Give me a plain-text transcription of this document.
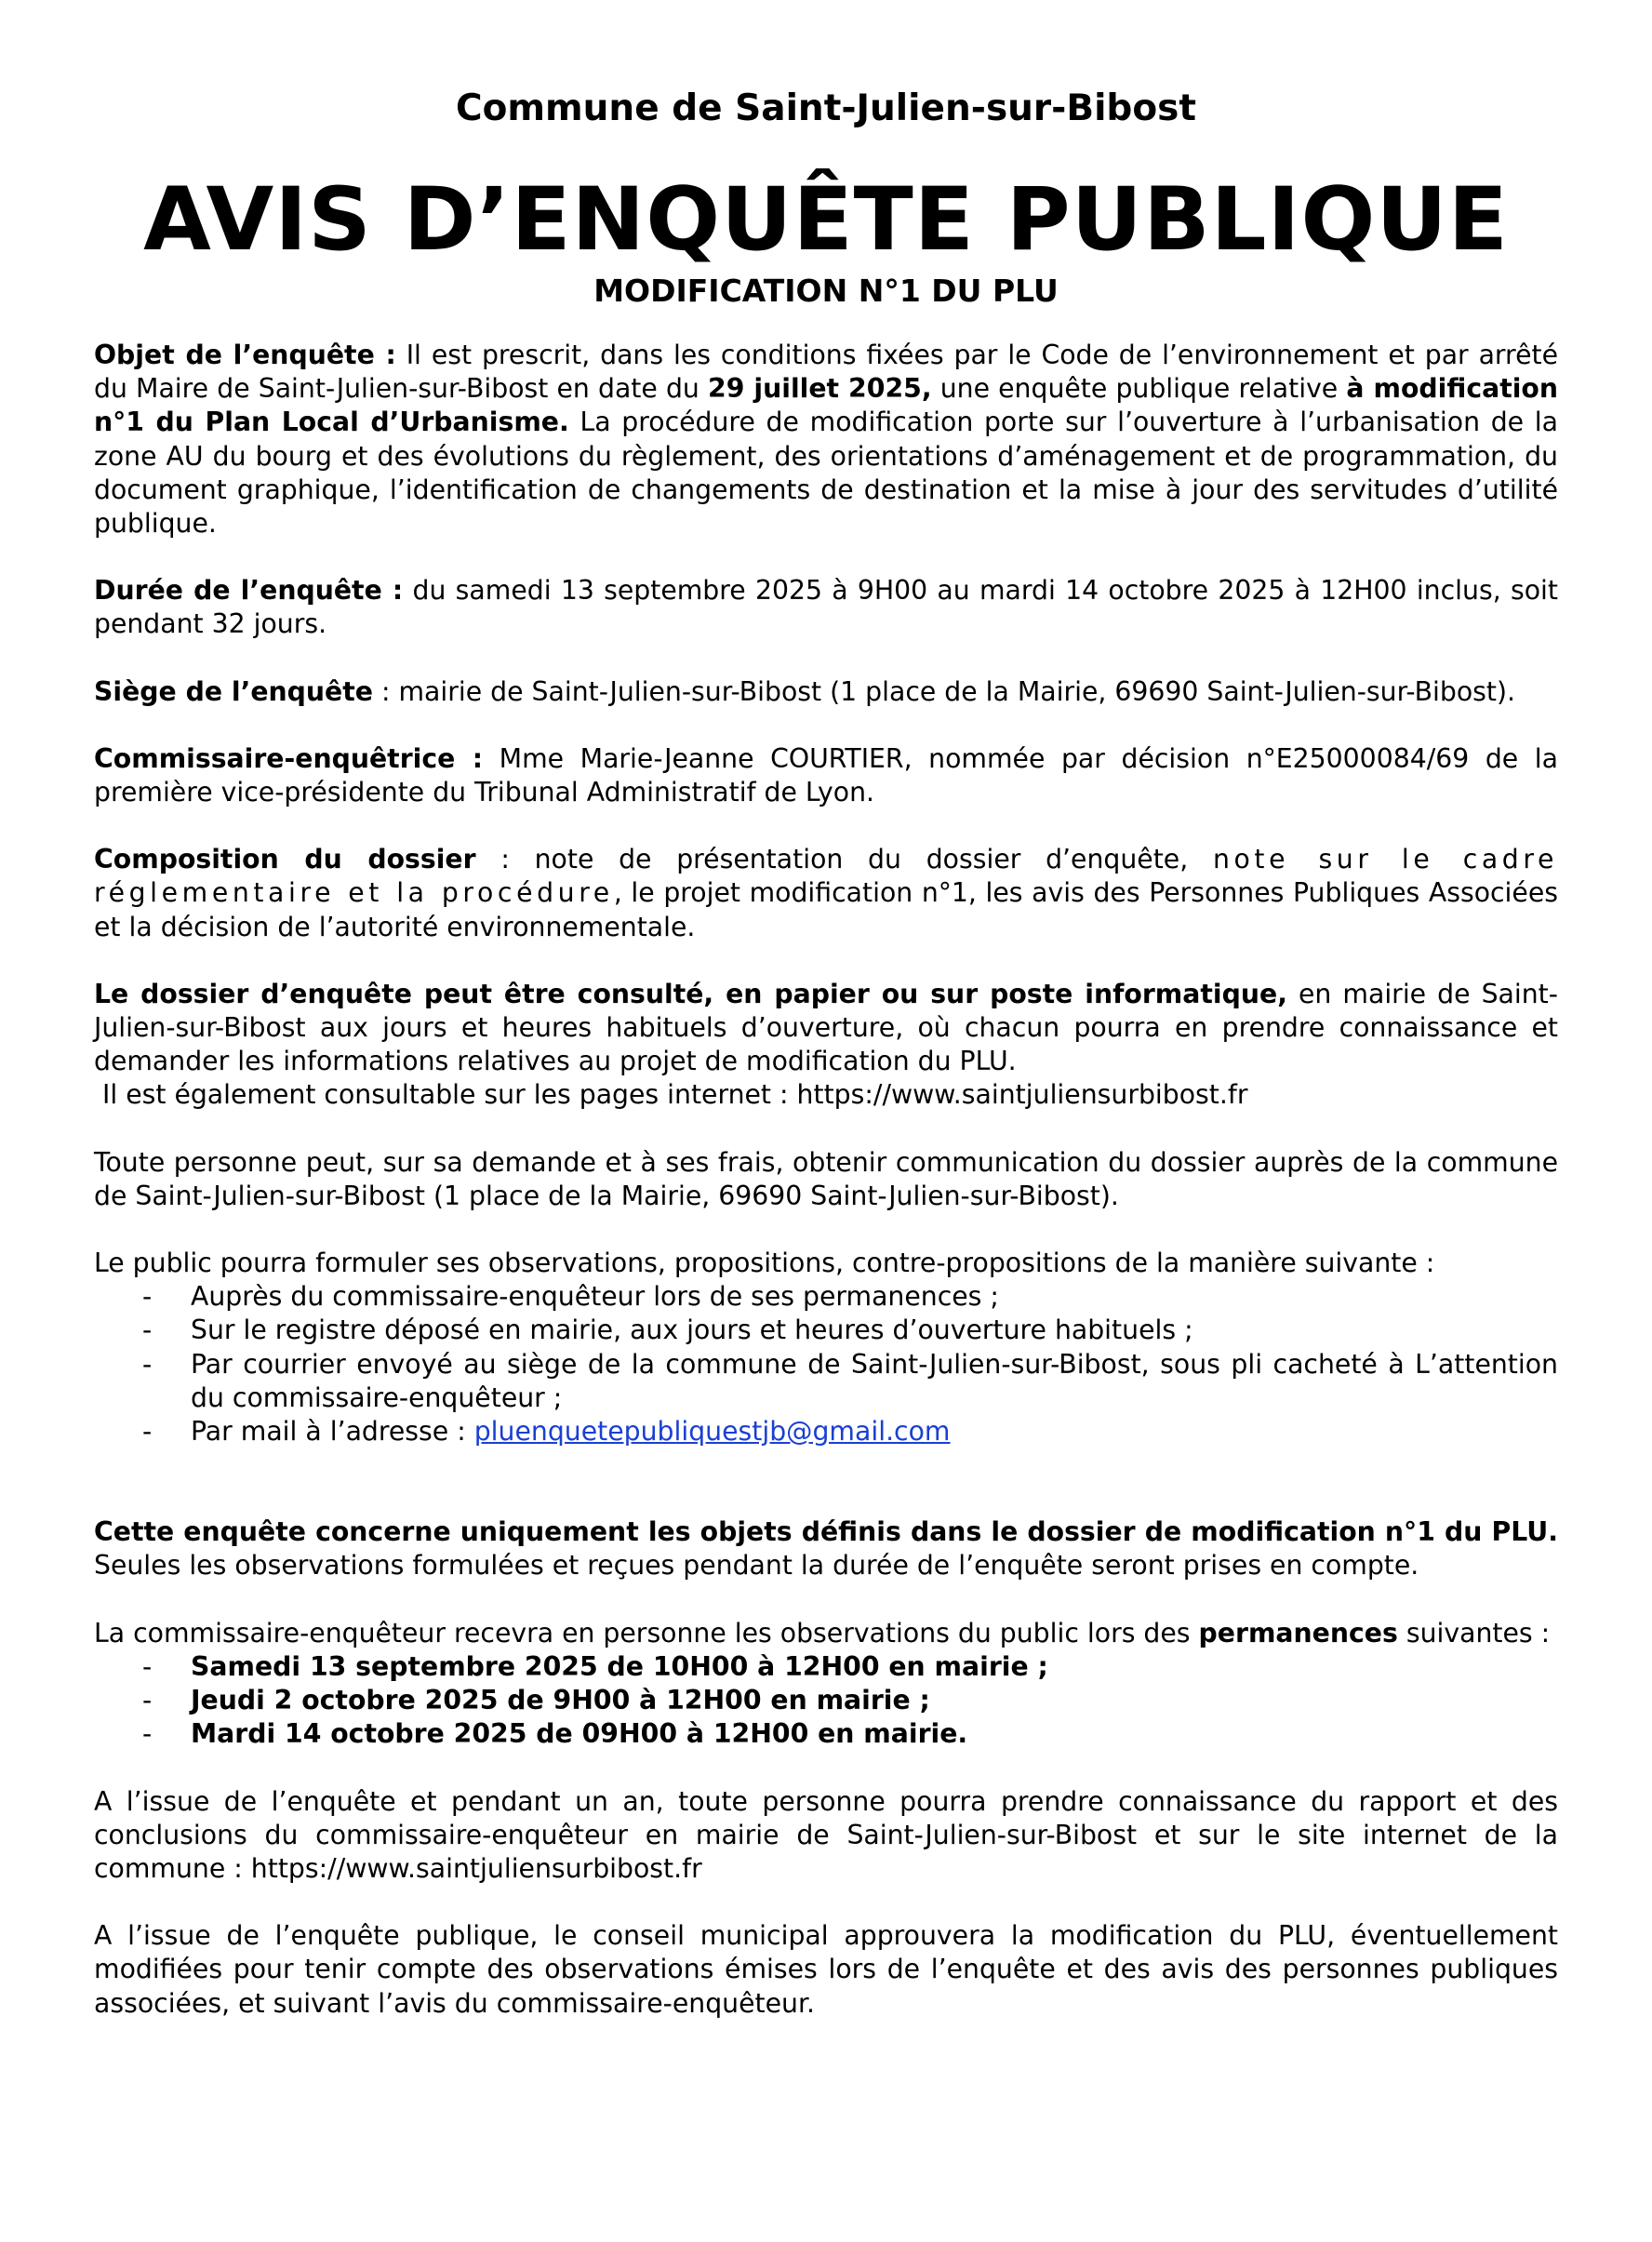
Commune de Saint-Julien-sur-Bibost
AVIS D’ENQUÊTE PUBLIQUE
MODIFICATION N°1 DU PLU

Objet de l’enquête : Il est prescrit, dans les conditions fixées par le Code de l’environnement et par arrêté du Maire de Saint-Julien-sur-Bibost en date du 29 juillet 2025, une enquête publique relative à modification n°1 du Plan Local d’Urbanisme. La procédure de modification porte sur l’ouverture à l’urbanisation de la zone AU du bourg et des évolutions du règlement, des orientations d’aménagement et de programmation, du document graphique, l’identification de changements de destination et la mise à jour des servitudes d’utilité publique.

Durée de l’enquête : du samedi 13 septembre 2025 à 9H00 au mardi 14 octobre 2025 à 12H00 inclus, soit pendant 32 jours.

Siège de l’enquête : mairie de Saint-Julien-sur-Bibost (1 place de la Mairie, 69690 Saint-Julien-sur-Bibost).

Commissaire-enquêtrice : Mme Marie-Jeanne COURTIER, nommée par décision n°E25000084/69 de la première vice-présidente du Tribunal Administratif de Lyon.

Composition du dossier : note de présentation du dossier d’enquête, note sur le cadre réglementaire et la procédure, le projet modification n°1, les avis des Personnes Publiques Associées et la décision de l’autorité environnementale.

Le dossier d’enquête peut être consulté, en papier ou sur poste informatique, en mairie de Saint-Julien-sur-Bibost aux jours et heures habituels d’ouverture, où chacun pourra en prendre connaissance et demander les informations relatives au projet de modification du PLU.

Il est également consultable sur les pages internet : https://www.saintjuliensurbibost.fr

Toute personne peut, sur sa demande et à ses frais, obtenir communication du dossier auprès de la commune de Saint-Julien-sur-Bibost (1 place de la Mairie, 69690 Saint-Julien-sur-Bibost).

Le public pourra formuler ses observations, propositions, contre-propositions de la manière suivante :

- Auprès du commissaire-enquêteur lors de ses permanences ;
- Sur le registre déposé en mairie, aux jours et heures d’ouverture habituels ;
- Par courrier envoyé au siège de la commune de Saint-Julien-sur-Bibost, sous pli cacheté à L’attention du commissaire-enquêteur ;
- Par mail à l’adresse : pluenquetepubliquestjb@gmail.com

Cette enquête concerne uniquement les objets définis dans le dossier de modification n°1 du PLU. Seules les observations formulées et reçues pendant la durée de l’enquête seront prises en compte.

La commissaire-enquêteur recevra en personne les observations du public lors des permanences suivantes :

- Samedi 13 septembre 2025 de 10H00 à 12H00 en mairie ;
- Jeudi 2 octobre 2025 de 9H00 à 12H00 en mairie ;
- Mardi 14 octobre 2025 de 09H00 à 12H00 en mairie.

A l’issue de l’enquête et pendant un an, toute personne pourra prendre connaissance du rapport et des conclusions du commissaire-enquêteur en mairie de Saint-Julien-sur-Bibost et sur le site internet de la commune : https://www.saintjuliensurbibost.fr

A l’issue de l’enquête publique, le conseil municipal approuvera la modification du PLU, éventuellement modifiées pour tenir compte des observations émises lors de l’enquête et des avis des personnes publiques associées, et suivant l’avis du commissaire-enquêteur.
